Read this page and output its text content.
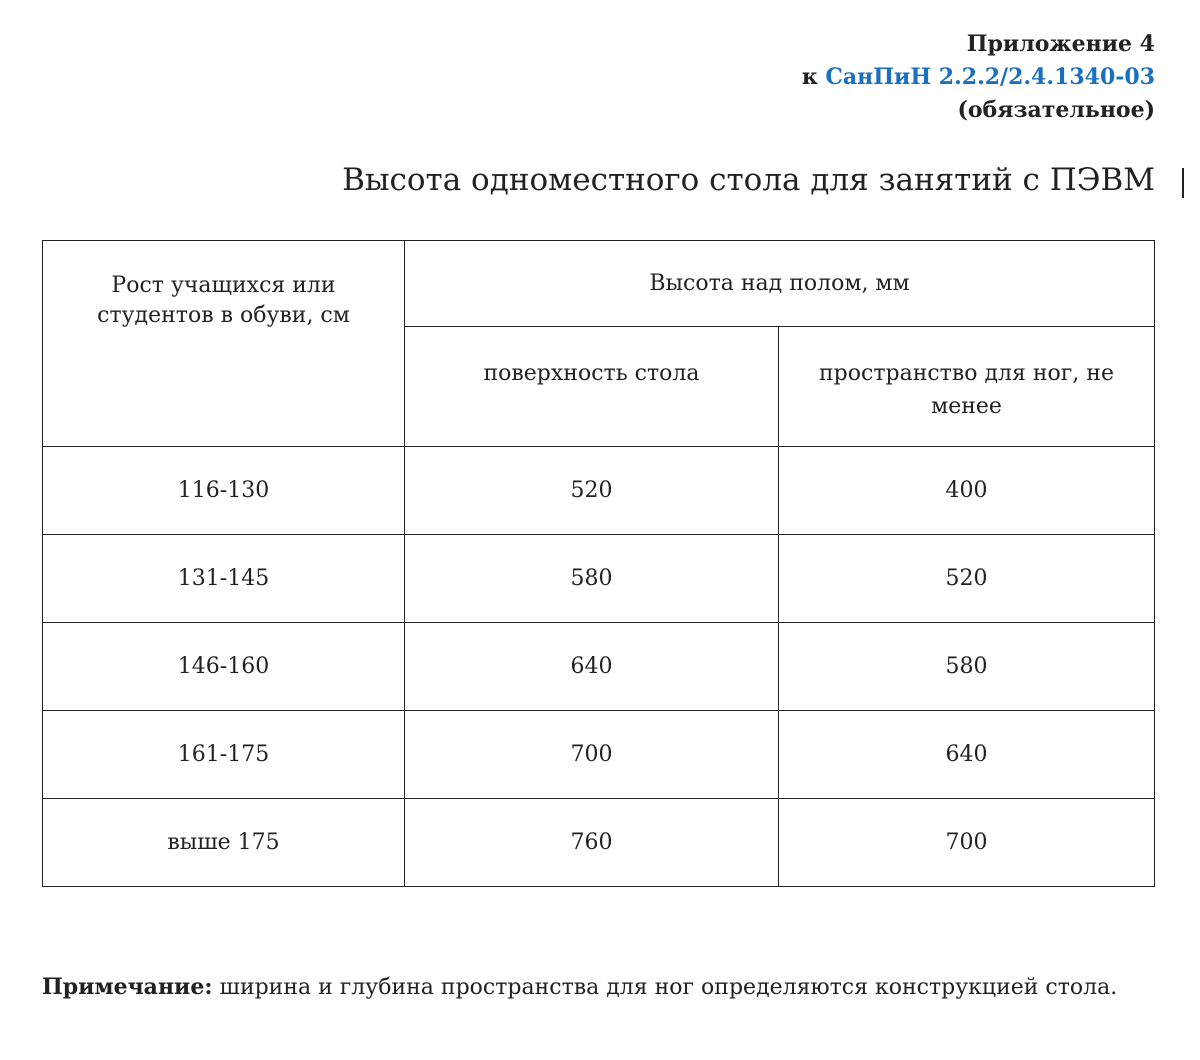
Приложение 4
к СанПиН 2.2.2/2.4.1340-03
(обязательное)
Высота одноместного стола для занятий с ПЭВМ
Рост учащихся или студентов в обуви, см	Высота над полом, мм	
	поверхность стола	пространство для ног, не менее
116-130	520	400
131-145	580	520
146-160	640	580
161-175	700	640
выше 175	760	700

Примечание: ширина и глубина пространства для ног определяются конструкцией стола.
